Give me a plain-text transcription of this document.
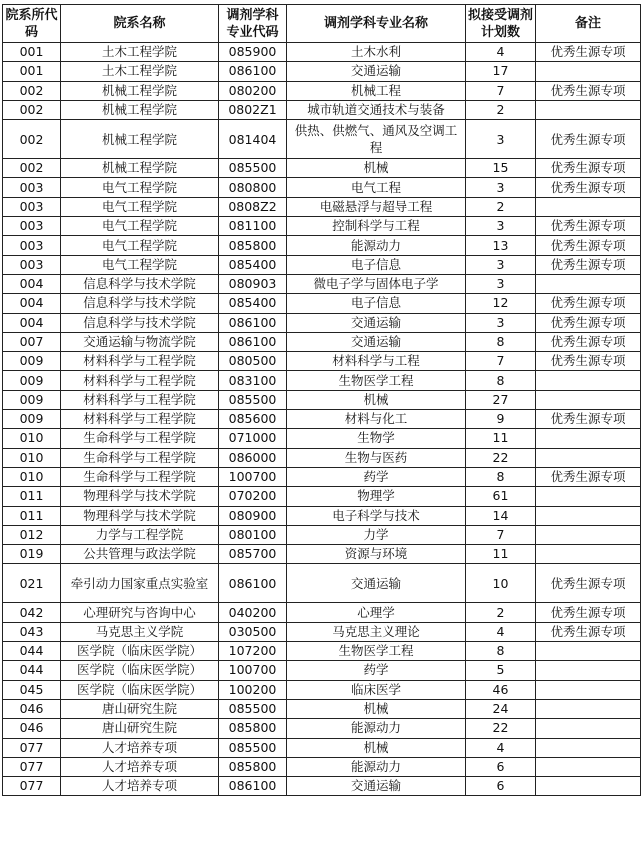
院系所代码	院系名称	调剂学科专业代码	调剂学科专业名称	拟接受调剂计划数	备注
001	土木工程学院	085900	土木水利	4	优秀生源专项
001	土木工程学院	086100	交通运输	17	
002	机械工程学院	080200	机械工程	7	优秀生源专项
002	机械工程学院	0802Z1	城市轨道交通技术与装备	2	
002	机械工程学院	081404	供热、供燃气、通风及空调工程	3	优秀生源专项
002	机械工程学院	085500	机械	15	优秀生源专项
003	电气工程学院	080800	电气工程	3	优秀生源专项
003	电气工程学院	0808Z2	电磁悬浮与超导工程	2	
003	电气工程学院	081100	控制科学与工程	3	优秀生源专项
003	电气工程学院	085800	能源动力	13	优秀生源专项
003	电气工程学院	085400	电子信息	3	优秀生源专项
004	信息科学与技术学院	080903	微电子学与固体电子学	3	
004	信息科学与技术学院	085400	电子信息	12	优秀生源专项
004	信息科学与技术学院	086100	交通运输	3	优秀生源专项
007	交通运输与物流学院	086100	交通运输	8	优秀生源专项
009	材料科学与工程学院	080500	材料科学与工程	7	优秀生源专项
009	材料科学与工程学院	083100	生物医学工程	8	
009	材料科学与工程学院	085500	机械	27	
009	材料科学与工程学院	085600	材料与化工	9	优秀生源专项
010	生命科学与工程学院	071000	生物学	11	
010	生命科学与工程学院	086000	生物与医药	22	
010	生命科学与工程学院	100700	药学	8	优秀生源专项
011	物理科学与技术学院	070200	物理学	61	
011	物理科学与技术学院	080900	电子科学与技术	14	
012	力学与工程学院	080100	力学	7	
019	公共管理与政法学院	085700	资源与环境	11	
021	牵引动力国家重点实验室	086100	交通运输	10	优秀生源专项
042	心理研究与咨询中心	040200	心理学	2	优秀生源专项
043	马克思主义学院	030500	马克思主义理论	4	优秀生源专项
044	医学院（临床医学院）	107200	生物医学工程	8	
044	医学院（临床医学院）	100700	药学	5	
045	医学院（临床医学院）	100200	临床医学	46	
046	唐山研究生院	085500	机械	24	
046	唐山研究生院	085800	能源动力	22	
077	人才培养专项	085500	机械	4	
077	人才培养专项	085800	能源动力	6	
077	人才培养专项	086100	交通运输	6	
